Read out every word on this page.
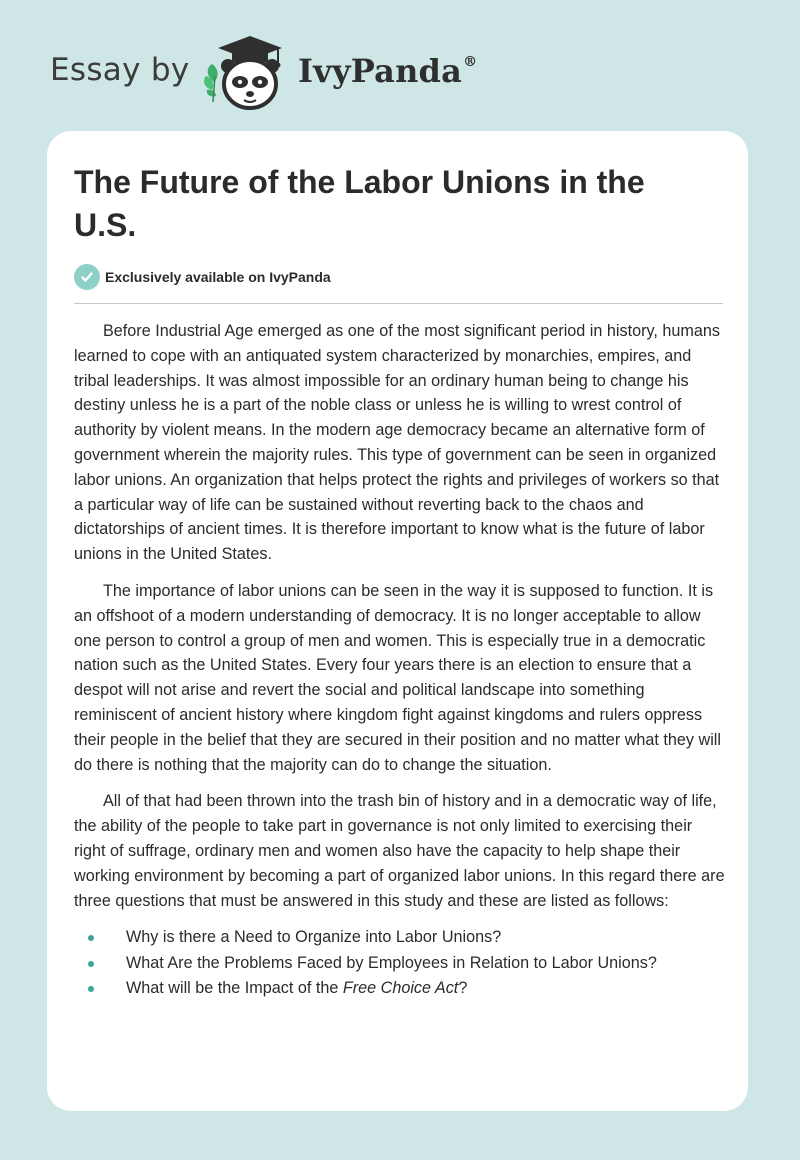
Essay by	IvyPanda®
The Future of the Labor Unions in the U.S.
Exclusively available on IvyPanda

Before Industrial Age emerged as one of the most significant period in history, humans learned to cope with an antiquated system characterized by monarchies, empires, and tribal leaderships. It was almost impossible for an ordinary human being to change his destiny unless he is a part of the noble class or unless he is willing to wrest control of authority by violent means. In the modern age democracy became an alternative form of government wherein the majority rules. This type of government can be seen in organized labor unions. An organization that helps protect the rights and privileges of workers so that a particular way of life can be sustained without reverting back to the chaos and dictatorships of ancient times. It is therefore important to know what is the future of labor unions in the United States.

The importance of labor unions can be seen in the way it is supposed to function. It is an offshoot of a modern understanding of democracy. It is no longer acceptable to allow one person to control a group of men and women. This is especially true in a democratic nation such as the United States. Every four years there is an election to ensure that a despot will not arise and revert the social and political landscape into something reminiscent of ancient history where kingdom fight against kingdoms and rulers oppress their people in the belief that they are secured in their position and no matter what they will do there is nothing that the majority can do to change the situation.

All of that had been thrown into the trash bin of history and in a democratic way of life, the ability of the people to take part in governance is not only limited to exercising their right of suffrage, ordinary men and women also have the capacity to help shape their working environment by becoming a part of organized labor unions. In this regard there are three questions that must be answered in this study and these are listed as follows:

Why is there a Need to Organize into Labor Unions?
What Are the Problems Faced by Employees in Relation to Labor Unions?
What will be the Impact of the Free Choice Act?
